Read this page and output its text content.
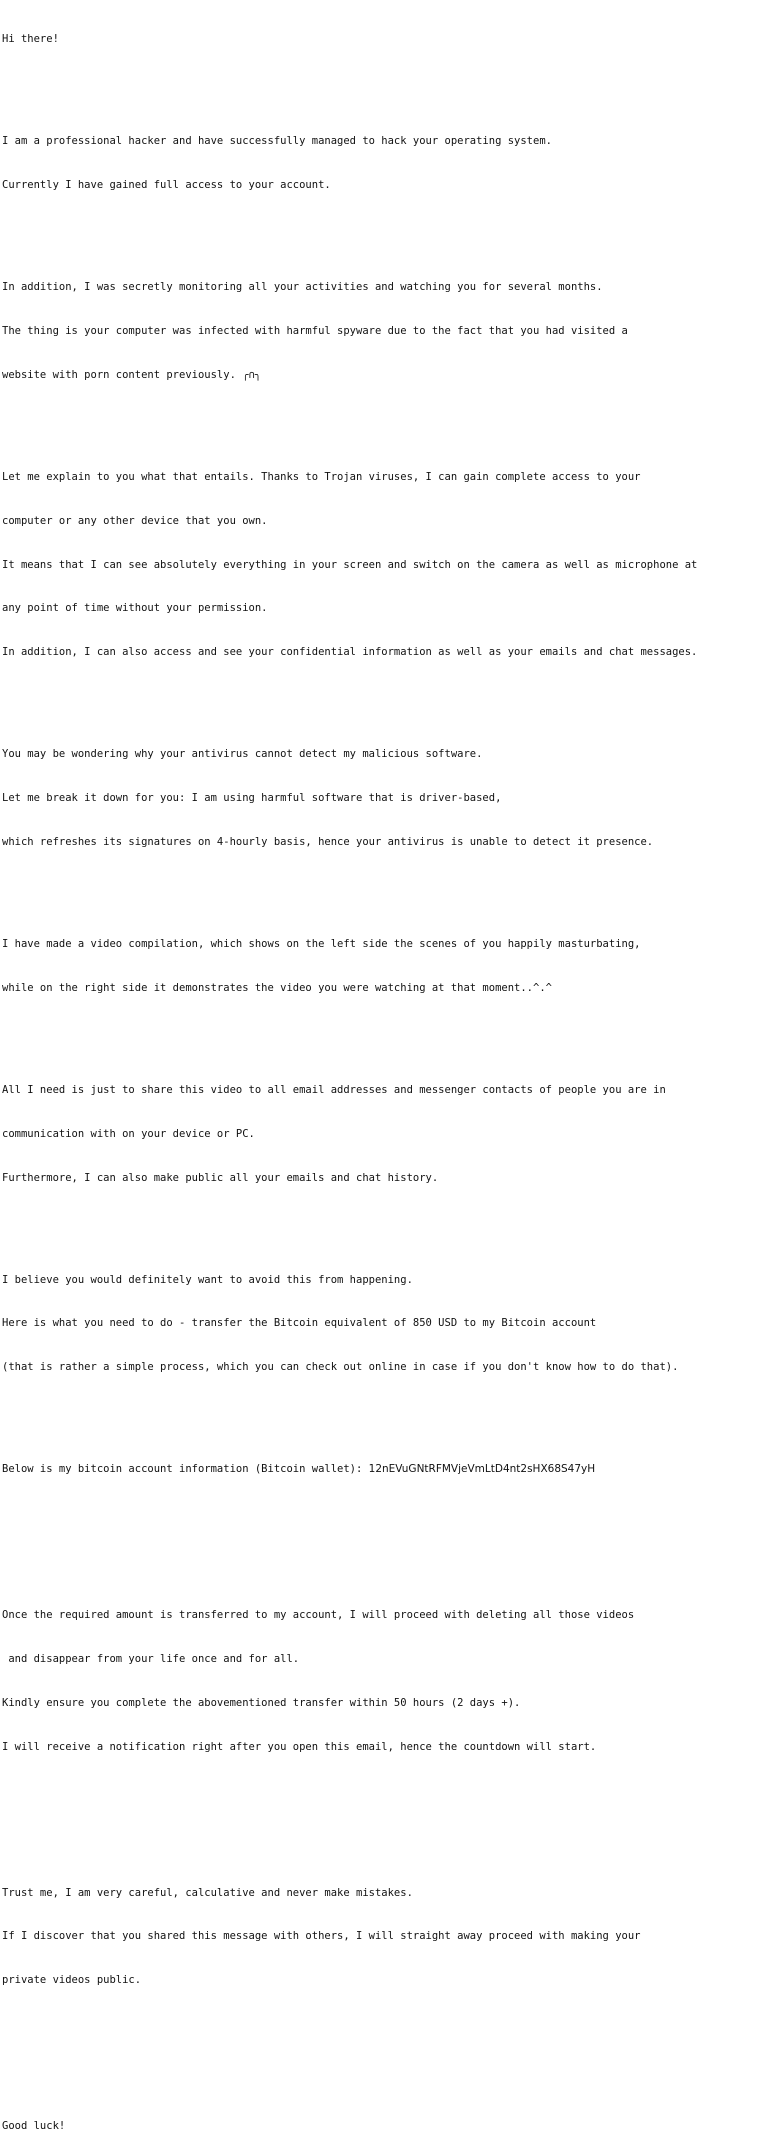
Hi there!

I am a professional hacker and have successfully managed to hack your operating system.

Currently I have gained full access to your account.

In addition, I was secretly monitoring all your activities and watching you for several months.

The thing is your computer was infected with harmful spyware due to the fact that you had visited a

website with porn content previously. ╭∩╮

Let me explain to you what that entails. Thanks to Trojan viruses, I can gain complete access to your

computer or any other device that you own.

It means that I can see absolutely everything in your screen and switch on the camera as well as microphone at

any point of time without your permission.

In addition, I can also access and see your confidential information as well as your emails and chat messages.

You may be wondering why your antivirus cannot detect my malicious software.

Let me break it down for you: I am using harmful software that is driver-based,

which refreshes its signatures on 4-hourly basis, hence your antivirus is unable to detect it presence.

I have made a video compilation, which shows on the left side the scenes of you happily masturbating,

while on the right side it demonstrates the video you were watching at that moment..^.^

All I need is just to share this video to all email addresses and messenger contacts of people you are in

communication with on your device or PC.

Furthermore, I can also make public all your emails and chat history.

I believe you would definitely want to avoid this from happening.

Here is what you need to do - transfer the Bitcoin equivalent of 850 USD to my Bitcoin account

(that is rather a simple process, which you can check out online in case if you don't know how to do that).

Below is my bitcoin account information (Bitcoin wallet): 12nEVuGNtRFMVjeVmLtD4nt2sHX68S47yH

Once the required amount is transferred to my account, I will proceed with deleting all those videos

and disappear from your life once and for all.

Kindly ensure you complete the abovementioned transfer within 50 hours (2 days +).

I will receive a notification right after you open this email, hence the countdown will start.

Trust me, I am very careful, calculative and never make mistakes.

If I discover that you shared this message with others, I will straight away proceed with making your

private videos public.

Good luck!
